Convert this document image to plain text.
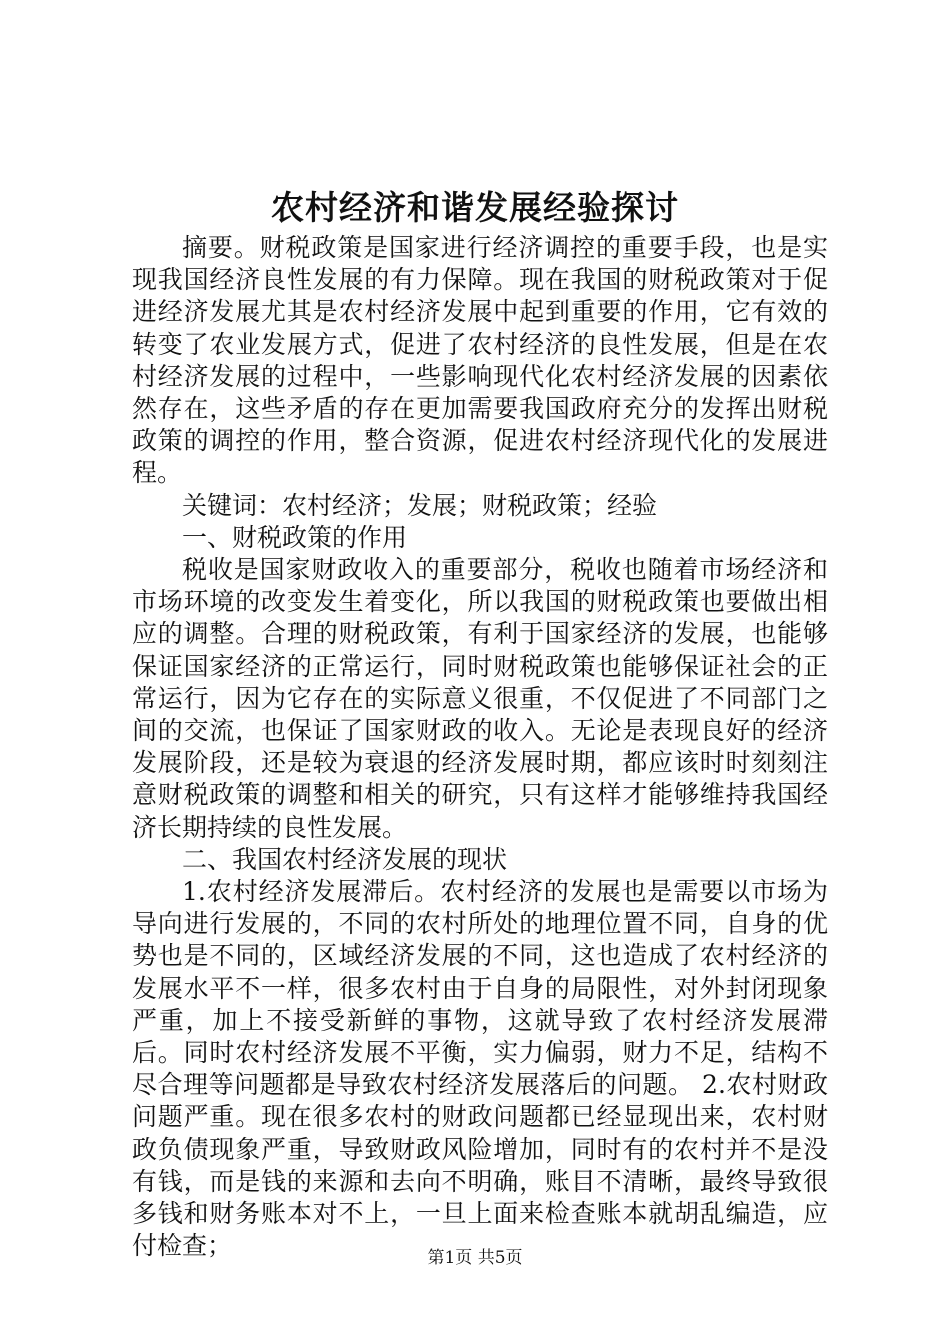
农村经济和谐发展经验探讨

摘要。财税政策是国家进行经济调控的重要手段，也是实现我国经济良性发展的有力保障。现在我国的财税政策对于促进经济发展尤其是农村经济发展中起到重要的作用，它有效的转变了农业发展方式，促进了农村经济的良性发展，但是在农村经济发展的过程中，一些影响现代化农村经济发展的因素依然存在，这些矛盾的存在更加需要我国政府充分的发挥出财税政策的调控的作用，整合资源，促进农村经济现代化的发展进程。

关键词：农村经济；发展；财税政策；经验

一、财税政策的作用

税收是国家财政收入的重要部分，税收也随着市场经济和市场环境的改变发生着变化，所以我国的财税政策也要做出相应的调整。合理的财税政策，有利于国家经济的发展，也能够保证国家经济的正常运行，同时财税政策也能够保证社会的正常运行，因为它存在的实际意义很重，不仅促进了不同部门之间的交流，也保证了国家财政的收入。无论是表现良好的经济发展阶段，还是较为衰退的经济发展时期，都应该时时刻刻注意财税政策的调整和相关的研究，只有这样才能够维持我国经济长期持续的良性发展。

二、我国农村经济发展的现状

1.农村经济发展滞后。农村经济的发展也是需要以市场为导向进行发展的，不同的农村所处的地理位置不同，自身的优势也是不同的，区域经济发展的不同，这也造成了农村经济的发展水平不一样，很多农村由于自身的局限性，对外封闭现象严重，加上不接受新鲜的事物，这就导致了农村经济发展滞后。同时农村经济发展不平衡，实力偏弱，财力不足，结构不尽合理等问题都是导致农村经济发展落后的问题。 2.农村财政问题严重。现在很多农村的财政问题都已经显现出来，农村财政负债现象严重，导致财政风险增加，同时有的农村并不是没有钱，而是钱的来源和去向不明确，账目不清晰，最终导致很多钱和财务账本对不上，一旦上面来检查账本就胡乱编造，应付检查；	第1页 共5页
